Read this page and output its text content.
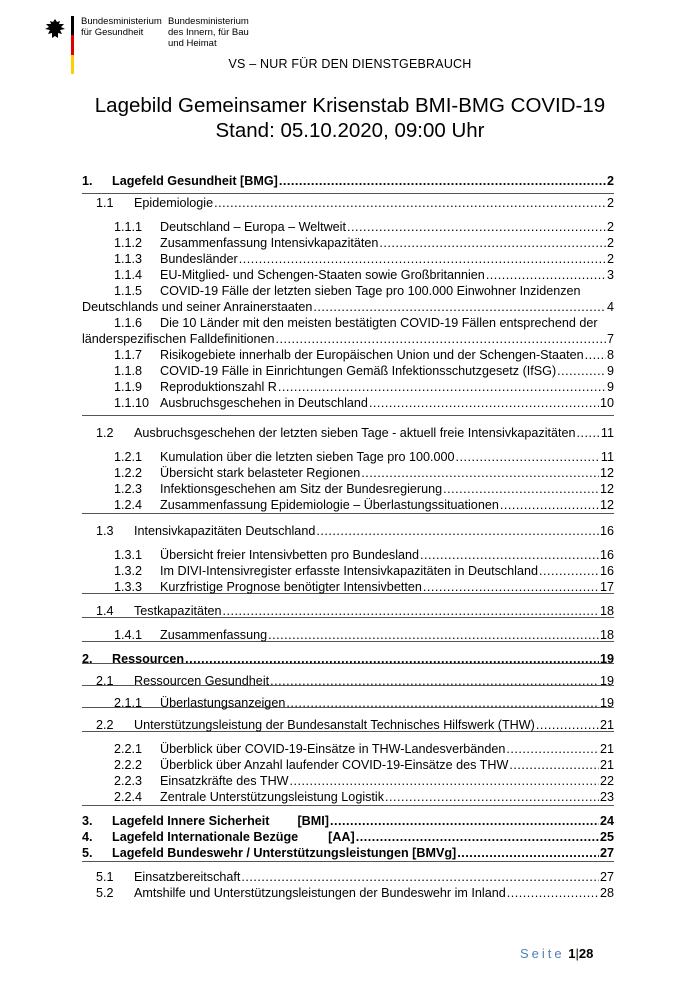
Bundesministerium
für Gesundheit
Bundesministerium
des Innern, für Bau
und Heimat
VS – NUR FÜR DEN DIENSTGEBRAUCH
Lagebild Gemeinsamer Krisenstab BMI-BMG COVID-19
Stand: 05.10.2020, 09:00 Uhr
1.	Lagefeld Gesundheit [BMG] .....	2
1.1	Epidemiologie .....	2
1.1.1	Deutschland – Europa – Weltweit .....	2
1.1.2	Zusammenfassung Intensivkapazitäten .....	2
1.1.3	Bundesländer .....	2
1.1.4	EU-Mitglied- und Schengen-Staaten sowie Großbritannien .....	3
1.1.5	COVID-19 Fälle der letzten sieben Tage pro 100.000 Einwohner Inzidenzen
Deutschlands und seiner Anrainerstaaten .....	4
1.1.6	Die 10 Länder mit den meisten bestätigten COVID-19 Fällen entsprechend der
länderspezifischen Falldefinitionen .....	7
1.1.7	Risikogebiete innerhalb der Europäischen Union und der Schengen-Staaten ..... 8
1.1.8	COVID-19 Fälle in Einrichtungen Gemäß Infektionsschutzgesetz (IfSG) .....	9
1.1.9	Reproduktionszahl R .....	9
1.1.10 Ausbruchsgeschehen in Deutschland .....	10
1.2	Ausbruchsgeschehen der letzten sieben Tage - aktuell freie Intensivkapazitäten ..... 11
1.2.1	Kumulation über die letzten sieben Tage pro 100.000 .....	11
1.2.2	Übersicht stark belasteter Regionen .....	12
1.2.3	Infektionsgeschehen am Sitz der Bundesregierung .....	12
1.2.4	Zusammenfassung Epidemiologie – Überlastungssituationen .....	12
1.3	Intensivkapazitäten Deutschland .....	16
1.3.1	Übersicht freier Intensivbetten pro Bundesland .....	16
1.3.2	Im DIVI-Intensivregister erfasste Intensivkapazitäten in Deutschland .....	16
1.3.3	Kurzfristige Prognose benötigter Intensivbetten .....	17
1.4	Testkapazitäten .....	18
1.4.1	Zusammenfassung .....	18
2.	Ressourcen .....	19
2.1	Ressourcen Gesundheit .....	19
2.1.1	Überlastungsanzeigen .....	19
2.2	Unterstützungsleistung der Bundesanstalt Technisches Hilfswerk (THW) .....	21
2.2.1	Überblick über COVID-19-Einsätze in THW-Landesverbänden .....	21
2.2.2	Überblick über Anzahl laufender COVID-19-Einsätze des THW .....	21
2.2.3	Einsatzkräfte des THW .....	22
2.2.4	Zentrale Unterstützungsleistung Logistik .....	23
3.	Lagefeld Innere Sicherheit [BMI] .....	24
4.	Lagefeld Internationale Bezüge [AA] .....	25
5.	Lagefeld Bundeswehr / Unterstützungsleistungen [BMVg] .....	27
5.1	Einsatzbereitschaft .....	27
5.2	Amtshilfe und Unterstützungsleistungen der Bundeswehr im Inland .....	28
Seite 1|28
